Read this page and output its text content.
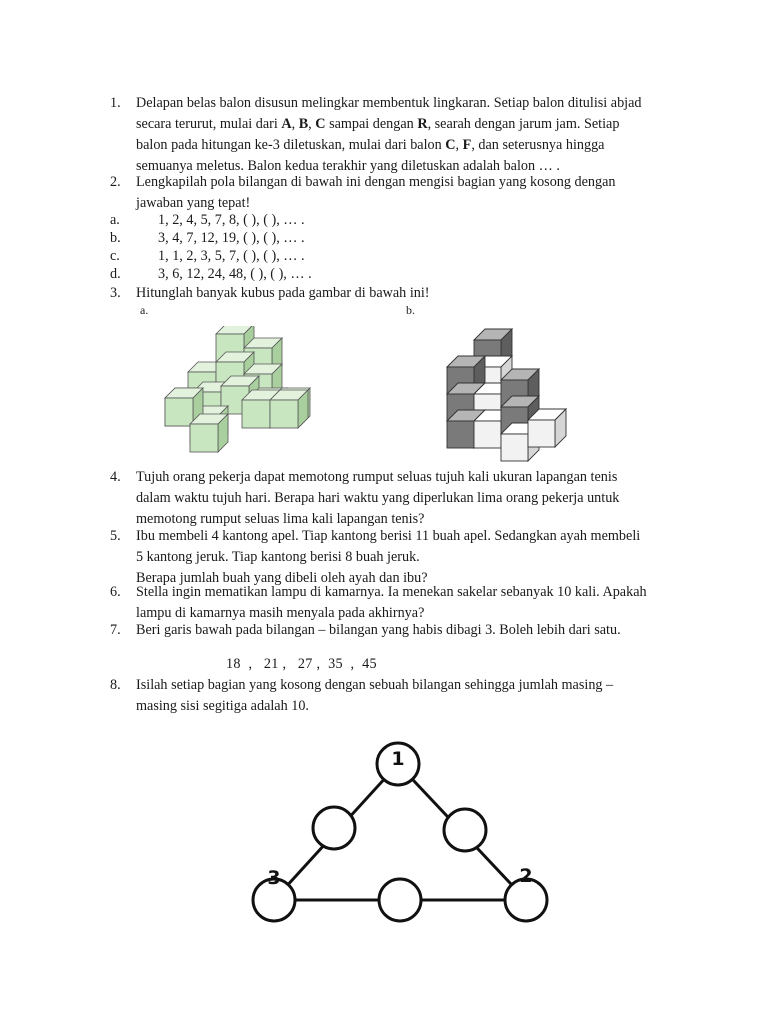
1.	Delapan belas balon disusun melingkar membentuk lingkaran. Setiap balon ditulisi abjad

secara terurut, mulai dari A, B, C sampai dengan R, searah dengan jarum jam. Setiap

balon pada hitungan ke-3 diletuskan, mulai dari balon C, F, dan seterusnya hingga

semuanya meletus. Balon kedua terakhir yang diletuskan adalah balon … .

2.	Lengkapilah pola bilangan di bawah ini dengan mengisi bagian yang kosong dengan

jawaban yang tepat!

a.	1, 2, 4, 5, 7, 8, ( ), ( ), … .
b.	3, 4, 7, 12, 19, ( ), ( ), … .
c.	1, 1, 2, 3, 5, 7, ( ), ( ), … .
d.	3, 6, 12, 24, 48, ( ), ( ), … .
3.	Hitunglah banyak kubus pada gambar di bawah ini!

a.	b.
4.	Tujuh orang pekerja dapat memotong rumput seluas tujuh kali ukuran lapangan tenis

dalam waktu tujuh hari. Berapa hari waktu yang diperlukan lima orang pekerja untuk

memotong rumput seluas lima kali lapangan tenis?

5.	Ibu membeli 4 kantong apel. Tiap kantong berisi 11 buah apel. Sedangkan ayah membeli

5 kantong jeruk. Tiap kantong berisi 8 buah jeruk.

Berapa jumlah buah yang dibeli oleh ayah dan ibu?

6.	Stella ingin mematikan lampu di kamarnya. Ia menekan sakelar sebanyak 10 kali. Apakah

lampu di kamarnya masih menyala pada akhirnya?

7.	Beri garis bawah pada bilangan – bilangan yang habis dibagi 3. Boleh lebih dari satu.

18  ,   21 ,   27 ,  35  ,  45
8.	Isilah setiap bagian yang kosong dengan sebuah bilangan sehingga jumlah masing –

masing sisi segitiga adalah 10.

1
3	2
